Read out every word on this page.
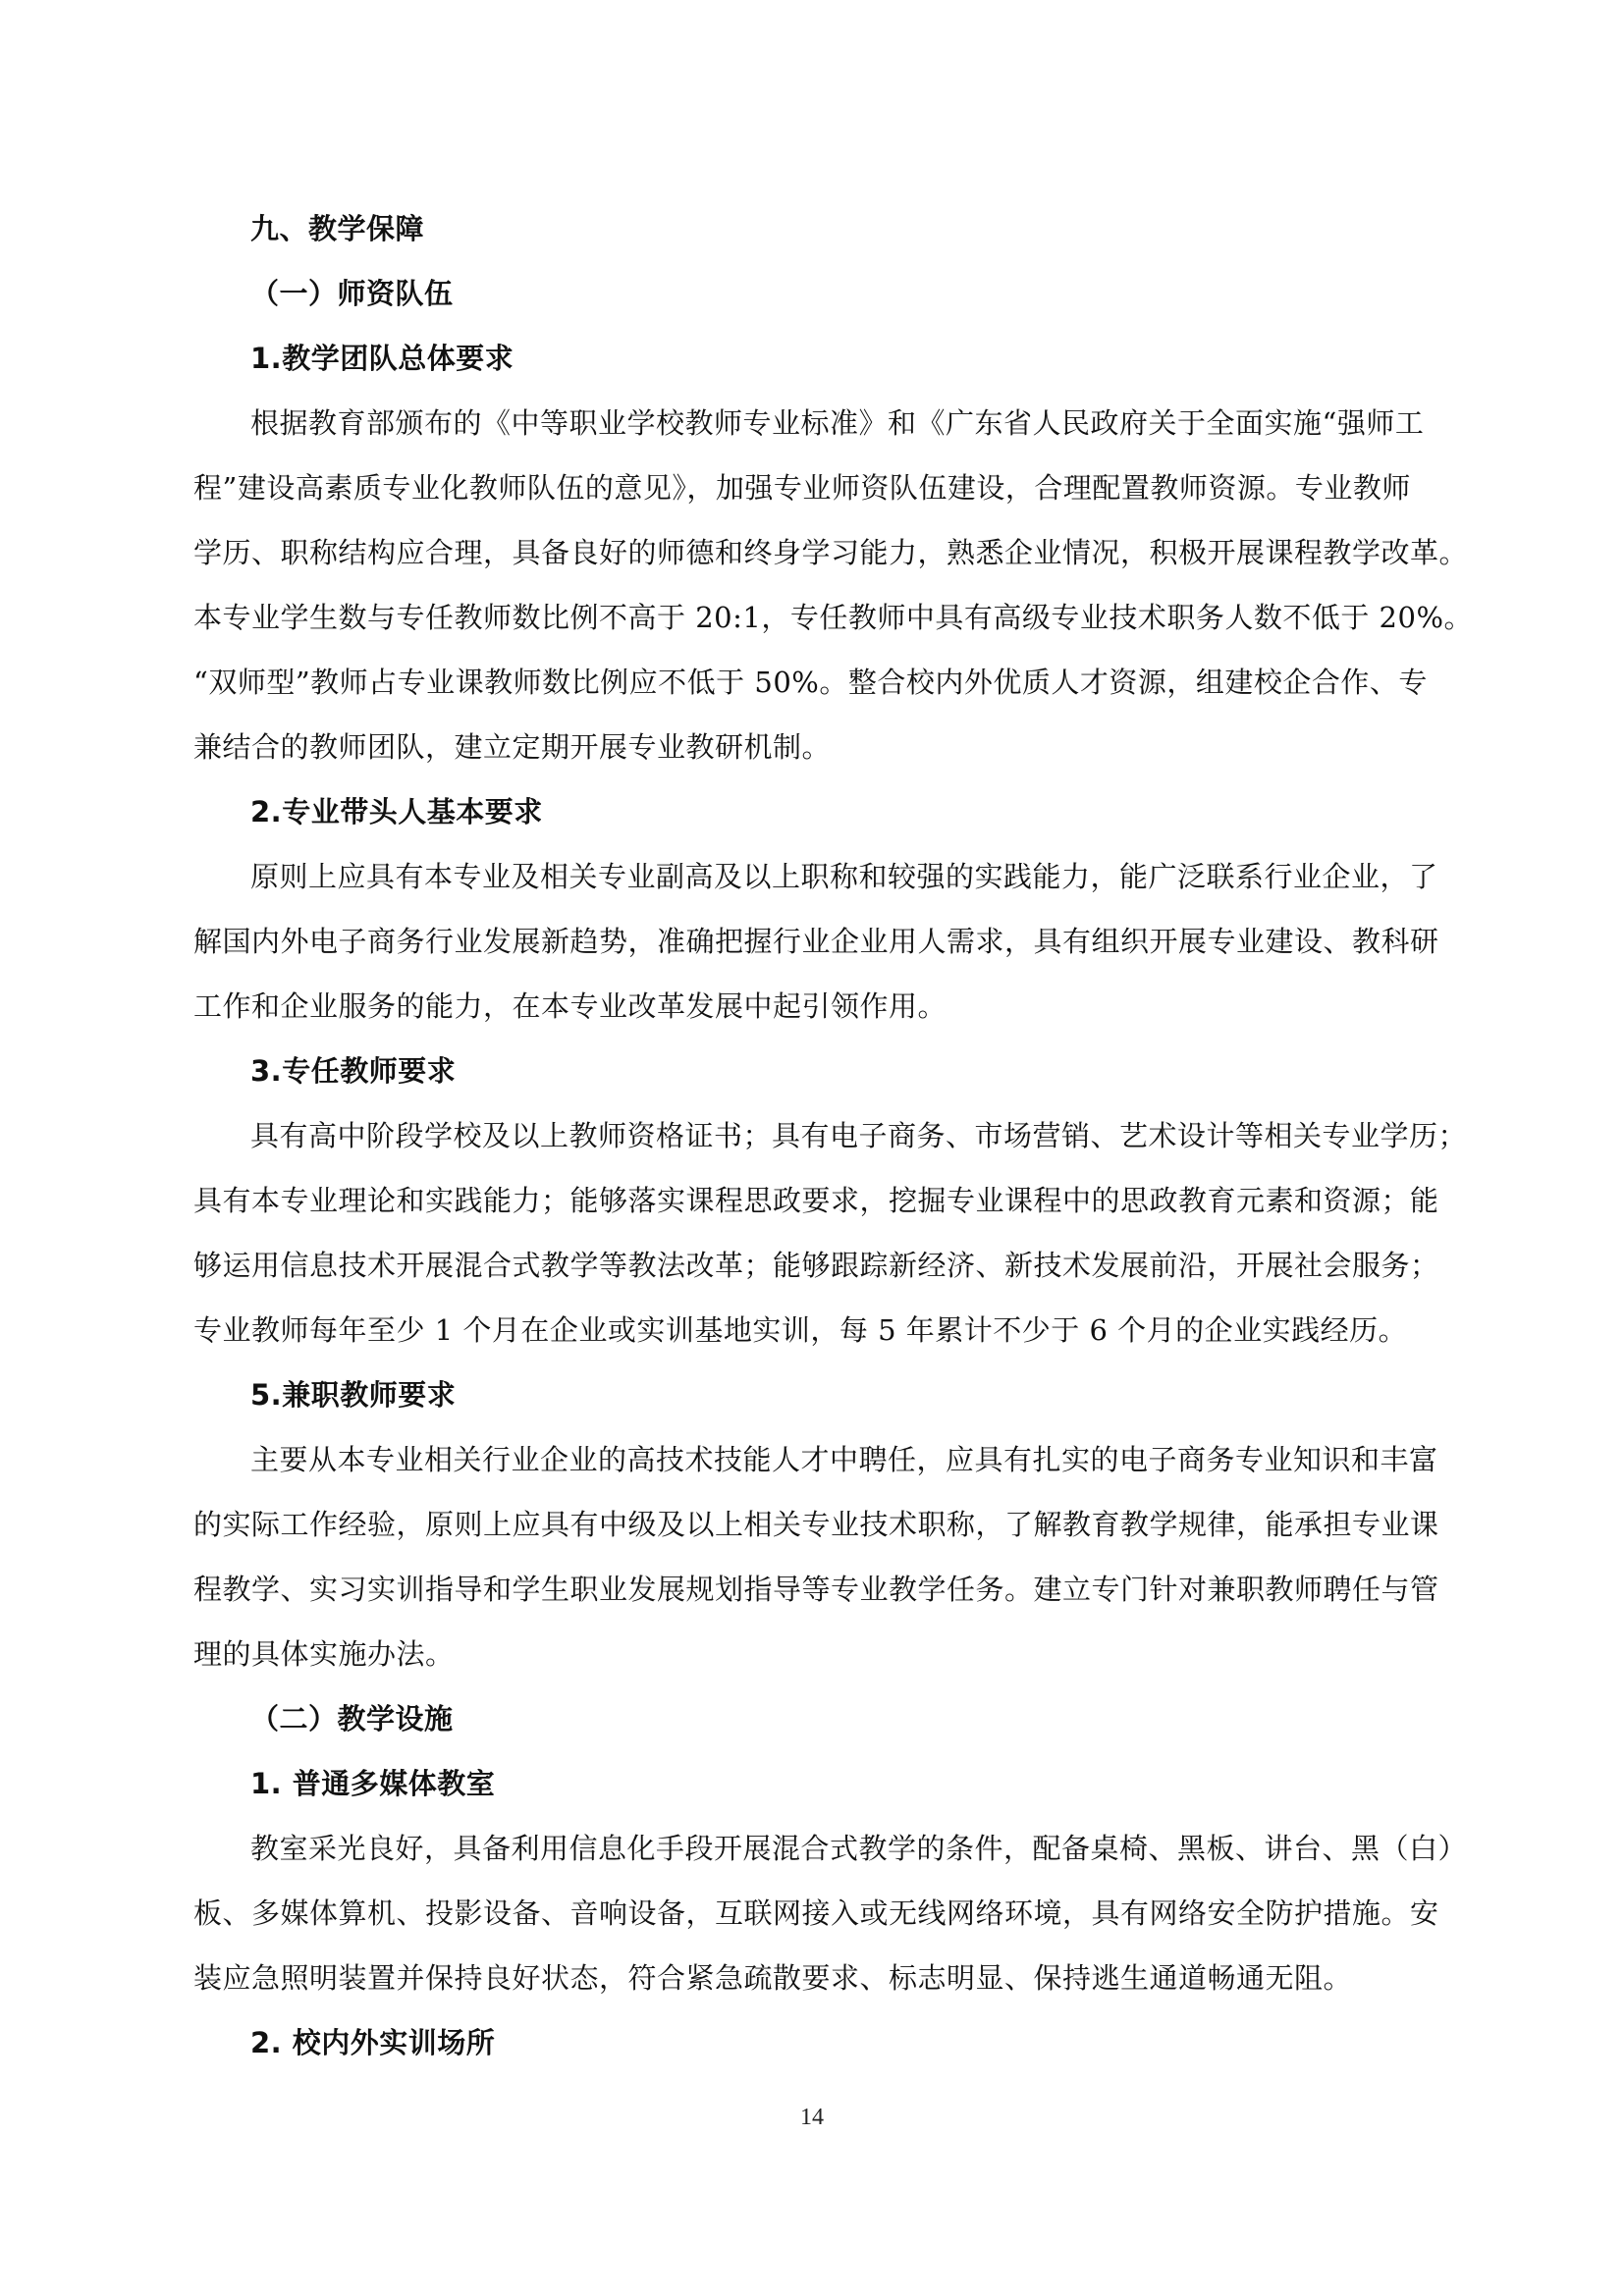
九、教学保障
（一）师资队伍
1.教学团队总体要求
根据教育部颁布的《中等职业学校教师专业标准》和《广东省人民政府关于全面实施“强师工
程”建设高素质专业化教师队伍的意见》，加强专业师资队伍建设，合理配置教师资源。专业教师
学历、职称结构应合理，具备良好的师德和终身学习能力，熟悉企业情况，积极开展课程教学改革。
本专业学生数与专任教师数比例不高于 20:1，专任教师中具有高级专业技术职务人数不低于 20%。
“双师型”教师占专业课教师数比例应不低于 50%。整合校内外优质人才资源，组建校企合作、专
兼结合的教师团队，建立定期开展专业教研机制。
2.专业带头人基本要求
原则上应具有本专业及相关专业副高及以上职称和较强的实践能力，能广泛联系行业企业，了
解国内外电子商务行业发展新趋势，准确把握行业企业用人需求，具有组织开展专业建设、教科研
工作和企业服务的能力，在本专业改革发展中起引领作用。
3.专任教师要求
具有高中阶段学校及以上教师资格证书；具有电子商务、市场营销、艺术设计等相关专业学历；
具有本专业理论和实践能力；能够落实课程思政要求，挖掘专业课程中的思政教育元素和资源；能
够运用信息技术开展混合式教学等教法改革；能够跟踪新经济、新技术发展前沿，开展社会服务；
专业教师每年至少 1 个月在企业或实训基地实训，每 5 年累计不少于 6 个月的企业实践经历。
5.兼职教师要求
主要从本专业相关行业企业的高技术技能人才中聘任，应具有扎实的电子商务专业知识和丰富
的实际工作经验，原则上应具有中级及以上相关专业技术职称，了解教育教学规律，能承担专业课
程教学、实习实训指导和学生职业发展规划指导等专业教学任务。建立专门针对兼职教师聘任与管
理的具体实施办法。
（二）教学设施
1. 普通多媒体教室
教室采光良好，具备利用信息化手段开展混合式教学的条件，配备桌椅、黑板、讲台、黑（白）
板、多媒体算机、投影设备、音响设备，互联网接入或无线网络环境，具有网络安全防护措施。安
装应急照明装置并保持良好状态，符合紧急疏散要求、标志明显、保持逃生通道畅通无阻。
2. 校内外实训场所
14
